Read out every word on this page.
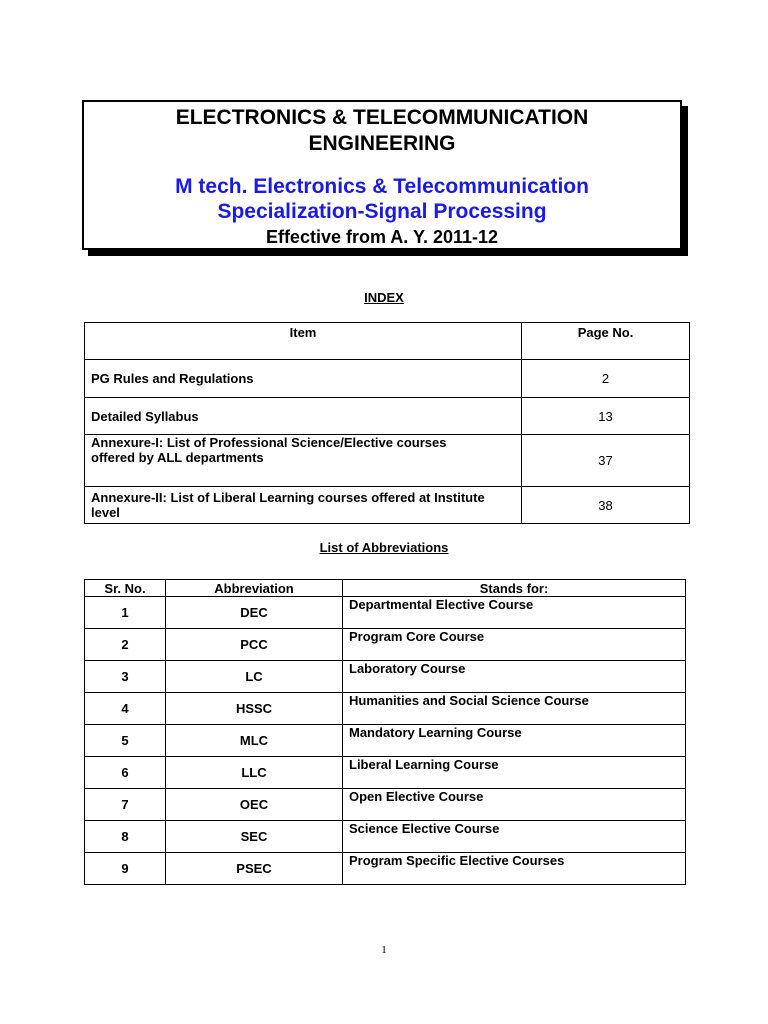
ELECTRONICS & TELECOMMUNICATION
ENGINEERING
M tech. Electronics & Telecommunication
Specialization-Signal Processing
Effective from A. Y. 2011-12
INDEX
Item	Page No.
PG Rules and Regulations	2
Detailed Syllabus	13

Annexure-I: List of Professional Science/Elective courses
offered by ALL departments	37

Annexure-II: List of Liberal Learning courses offered at Institute
level	38
List of Abbreviations
Sr. No.	Abbreviation	Stands for:
1	DEC	Departmental Elective Course
2	PCC	Program Core Course
3	LC	Laboratory Course
4	HSSC	Humanities and Social Science Course
5	MLC	Mandatory Learning Course
6	LLC	Liberal Learning Course
7	OEC	Open Elective Course
8	SEC	Science Elective Course
9	PSEC	Program Specific Elective Courses
1
